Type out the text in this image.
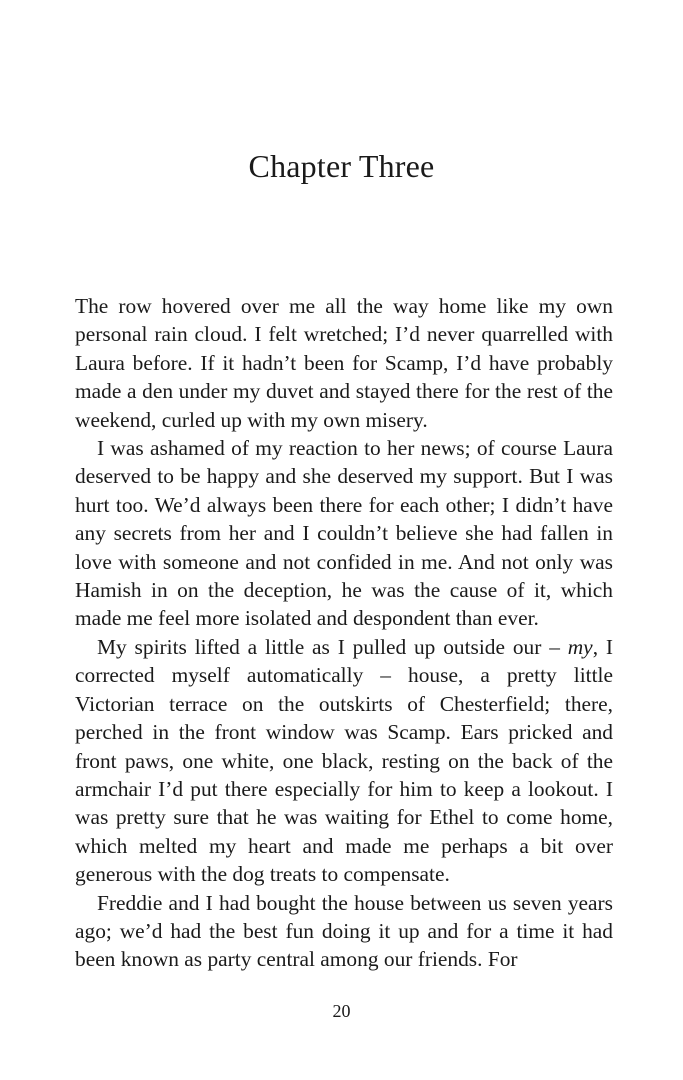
Chapter Three

The row hovered over me all the way home like my own personal rain cloud. I felt wretched; I’d never quarrelled with Laura before. If it hadn’t been for Scamp, I’d have probably made a den under my duvet and stayed there for the rest of the weekend, curled up with my own misery.

I was ashamed of my reaction to her news; of course Laura deserved to be happy and she deserved my support. But I was hurt too. We’d always been there for each other; I didn’t have any secrets from her and I couldn’t believe she had fallen in love with someone and not confided in me. And not only was Hamish in on the deception, he was the cause of it, which made me feel more isolated and despondent than ever.

My spirits lifted a little as I pulled up outside our – my, I corrected myself automatically – house, a pretty little Victorian terrace on the outskirts of Chesterfield; there, perched in the front window was Scamp. Ears pricked and front paws, one white, one black, resting on the back of the armchair I’d put there especially for him to keep a lookout. I was pretty sure that he was waiting for Ethel to come home, which melted my heart and made me perhaps a bit over generous with the dog treats to compensate.

Freddie and I had bought the house between us seven years ago; we’d had the best fun doing it up and for a time it had been known as party central among our friends. For

20
